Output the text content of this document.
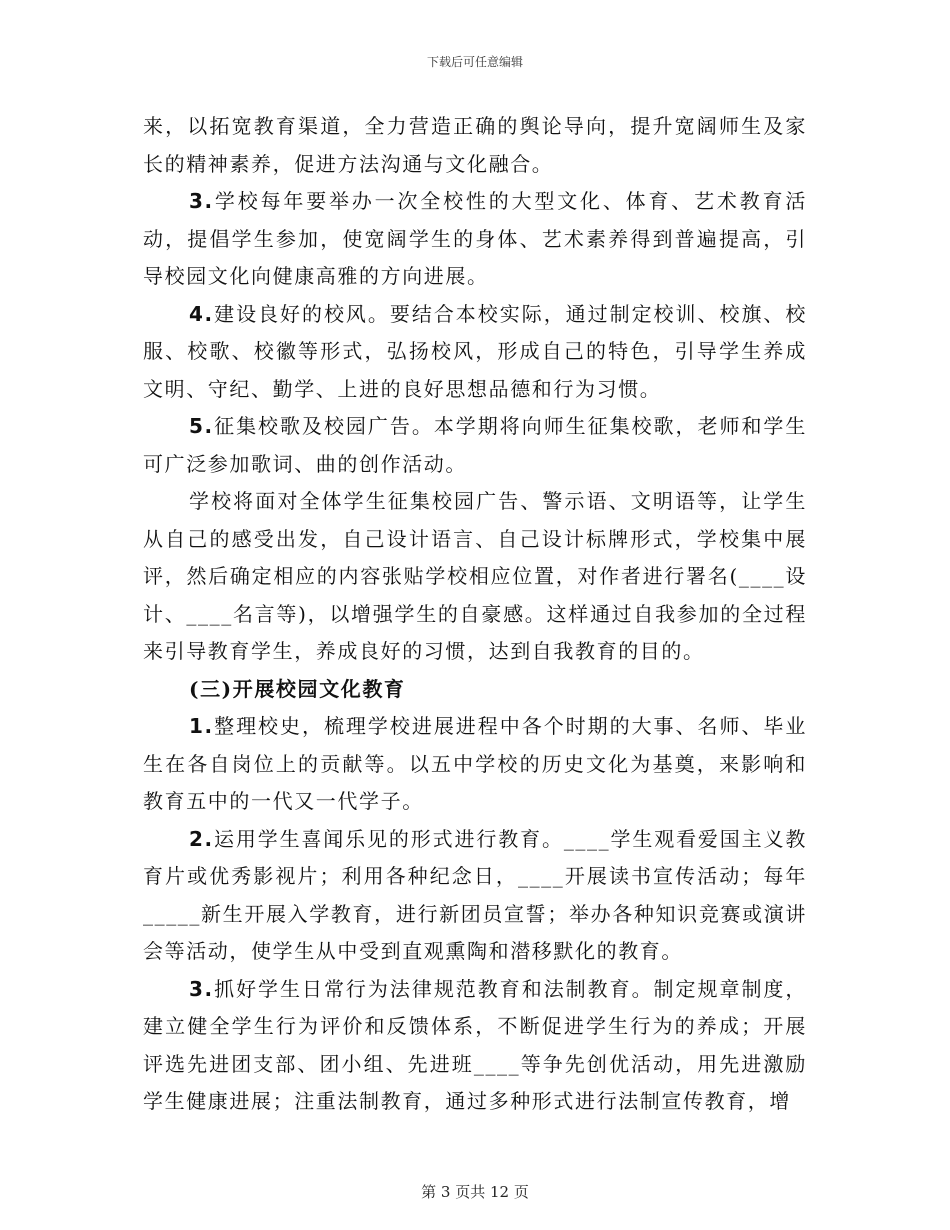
下载后可任意编辑

来，以拓宽教育渠道，全力营造正确的舆论导向，提升宽阔师生及家长的精神素养，促进方法沟通与文化融合。

3.学校每年要举办一次全校性的大型文化、体育、艺术教育活动，提倡学生参加，使宽阔学生的身体、艺术素养得到普遍提高，引导校园文化向健康高雅的方向进展。

4.建设良好的校风。要结合本校实际，通过制定校训、校旗、校服、校歌、校徽等形式，弘扬校风，形成自己的特色，引导学生养成文明、守纪、勤学、上进的良好思想品德和行为习惯。

5.征集校歌及校园广告。本学期将向师生征集校歌，老师和学生可广泛参加歌词、曲的创作活动。

学校将面对全体学生征集校园广告、警示语、文明语等，让学生从自己的感受出发，自己设计语言、自己设计标牌形式，学校集中展评，然后确定相应的内容张贴学校相应位置，对作者进行署名(____设计、____名言等)，以增强学生的自豪感。这样通过自我参加的全过程来引导教育学生，养成良好的习惯，达到自我教育的目的。

(三)开展校园文化教育

1.整理校史，梳理学校进展进程中各个时期的大事、名师、毕业生在各自岗位上的贡献等。以五中学校的历史文化为基奠，来影响和教育五中的一代又一代学子。

2.运用学生喜闻乐见的形式进行教育。____学生观看爱国主义教育片或优秀影视片；利用各种纪念日，____开展读书宣传活动；每年_____新生开展入学教育，进行新团员宣誓；举办各种知识竞赛或演讲会等活动，使学生从中受到直观熏陶和潜移默化的教育。

3.抓好学生日常行为法律规范教育和法制教育。制定规章制度，建立健全学生行为评价和反馈体系，不断促进学生行为的养成；开展评选先进团支部、团小组、先进班____等争先创优活动，用先进激励学生健康进展；注重法制教育，通过多种形式进行法制宣传教育，增

第 3 页共 12 页
